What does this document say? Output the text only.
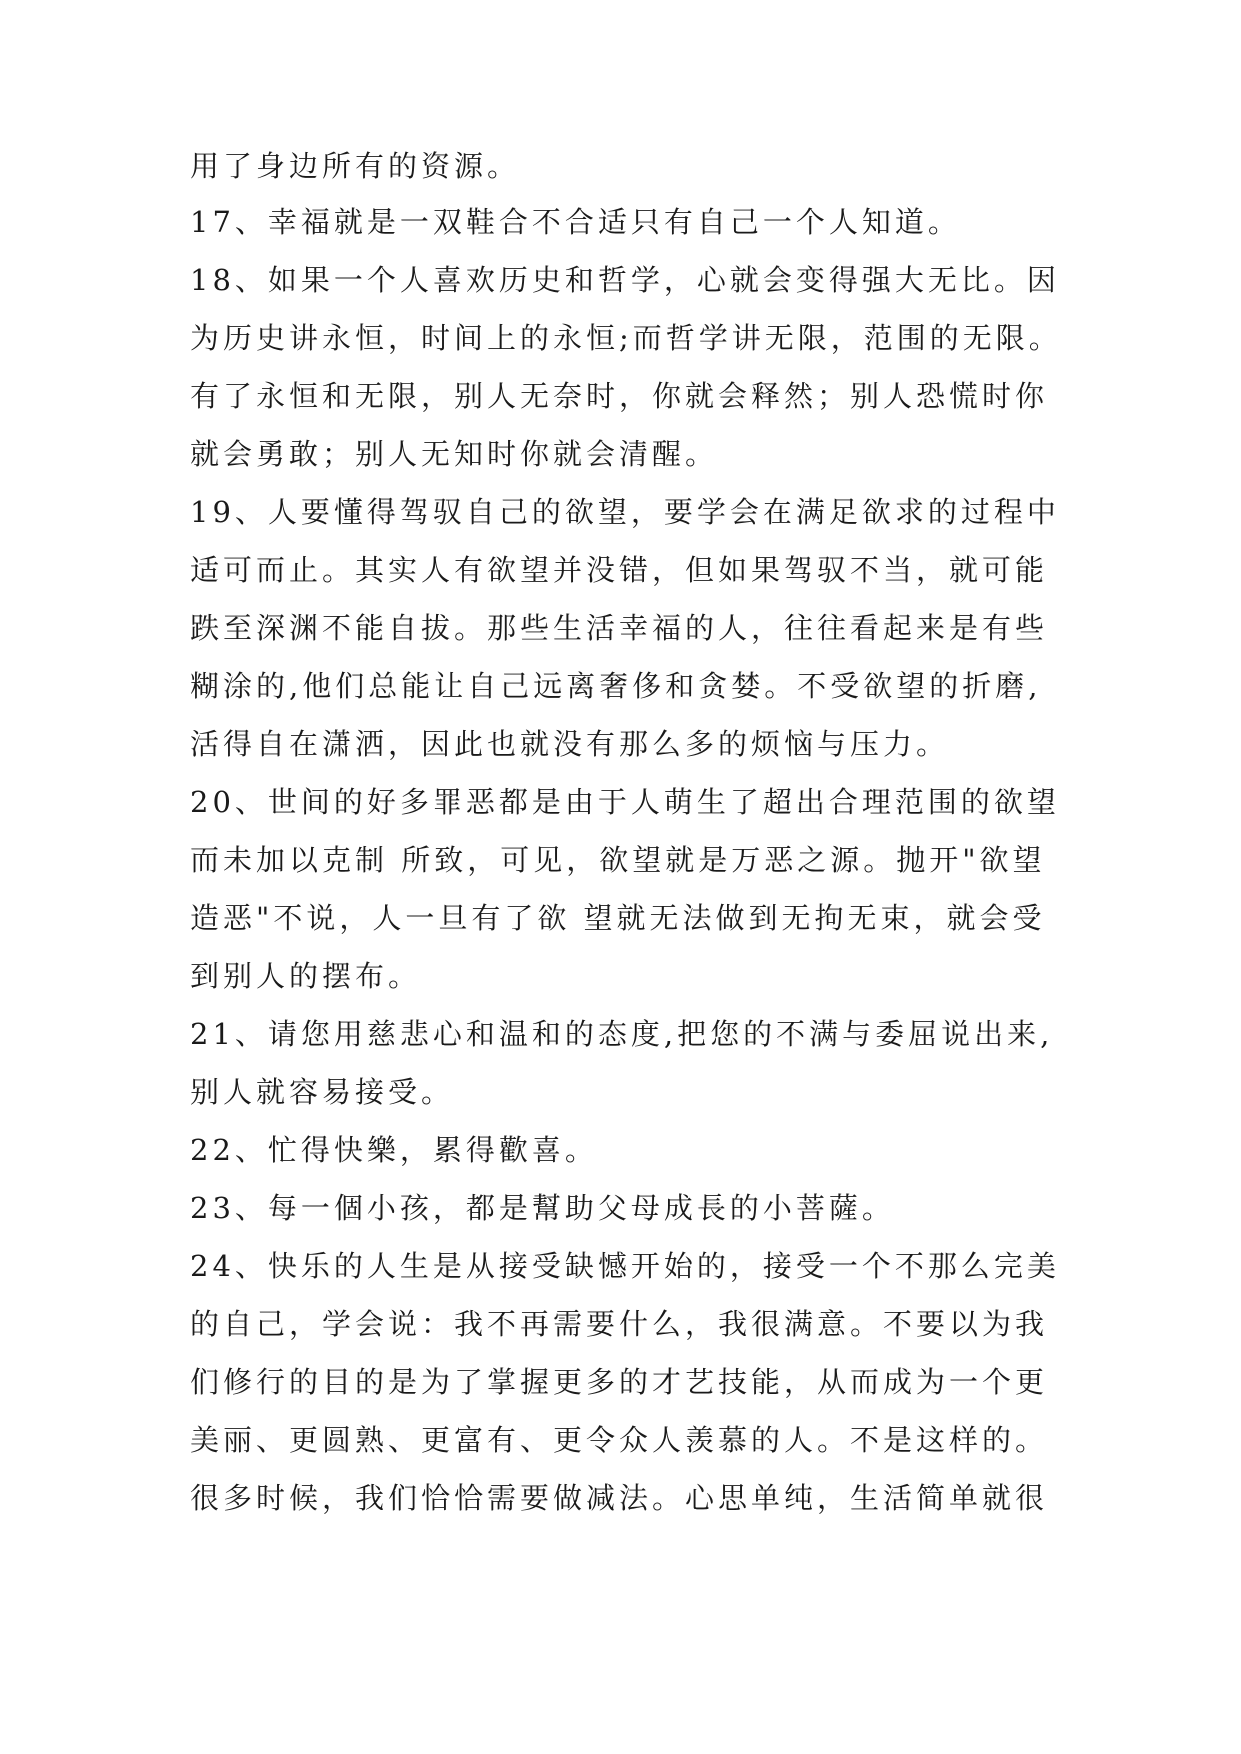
用了身边所有的资源。
17、幸福就是一双鞋合不合适只有自己一个人知道。
18、如果一个人喜欢历史和哲学，心就会变得强大无比。因
为历史讲永恒，时间上的永恒;而哲学讲无限，范围的无限。
有了永恒和无限，别人无奈时，你就会释然；别人恐慌时你
就会勇敢；别人无知时你就会清醒。
19、人要懂得驾驭自己的欲望，要学会在满足欲求的过程中
适可而止。其实人有欲望并没错，但如果驾驭不当，就可能
跌至深渊不能自拔。那些生活幸福的人，往往看起来是有些
糊涂的,他们总能让自己远离奢侈和贪婪。不受欲望的折磨,
活得自在潇洒，因此也就没有那么多的烦恼与压力。
20、世间的好多罪恶都是由于人萌生了超出合理范围的欲望
而未加以克制 所致，可见，欲望就是万恶之源。抛开"欲望
造恶"不说，人一旦有了欲 望就无法做到无拘无束，就会受
到别人的摆布。
21、请您用慈悲心和温和的态度,把您的不满与委屈说出来,
别人就容易接受。
22、忙得快樂，累得歡喜。
23、每一個小孩，都是幫助父母成長的小菩薩。
24、快乐的人生是从接受缺憾开始的，接受一个不那么完美
的自己，学会说：我不再需要什么，我很满意。不要以为我
们修行的目的是为了掌握更多的才艺技能，从而成为一个更
美丽、更圆熟、更富有、更令众人羡慕的人。不是这样的。
很多时候，我们恰恰需要做减法。心思单纯，生活简单就很
